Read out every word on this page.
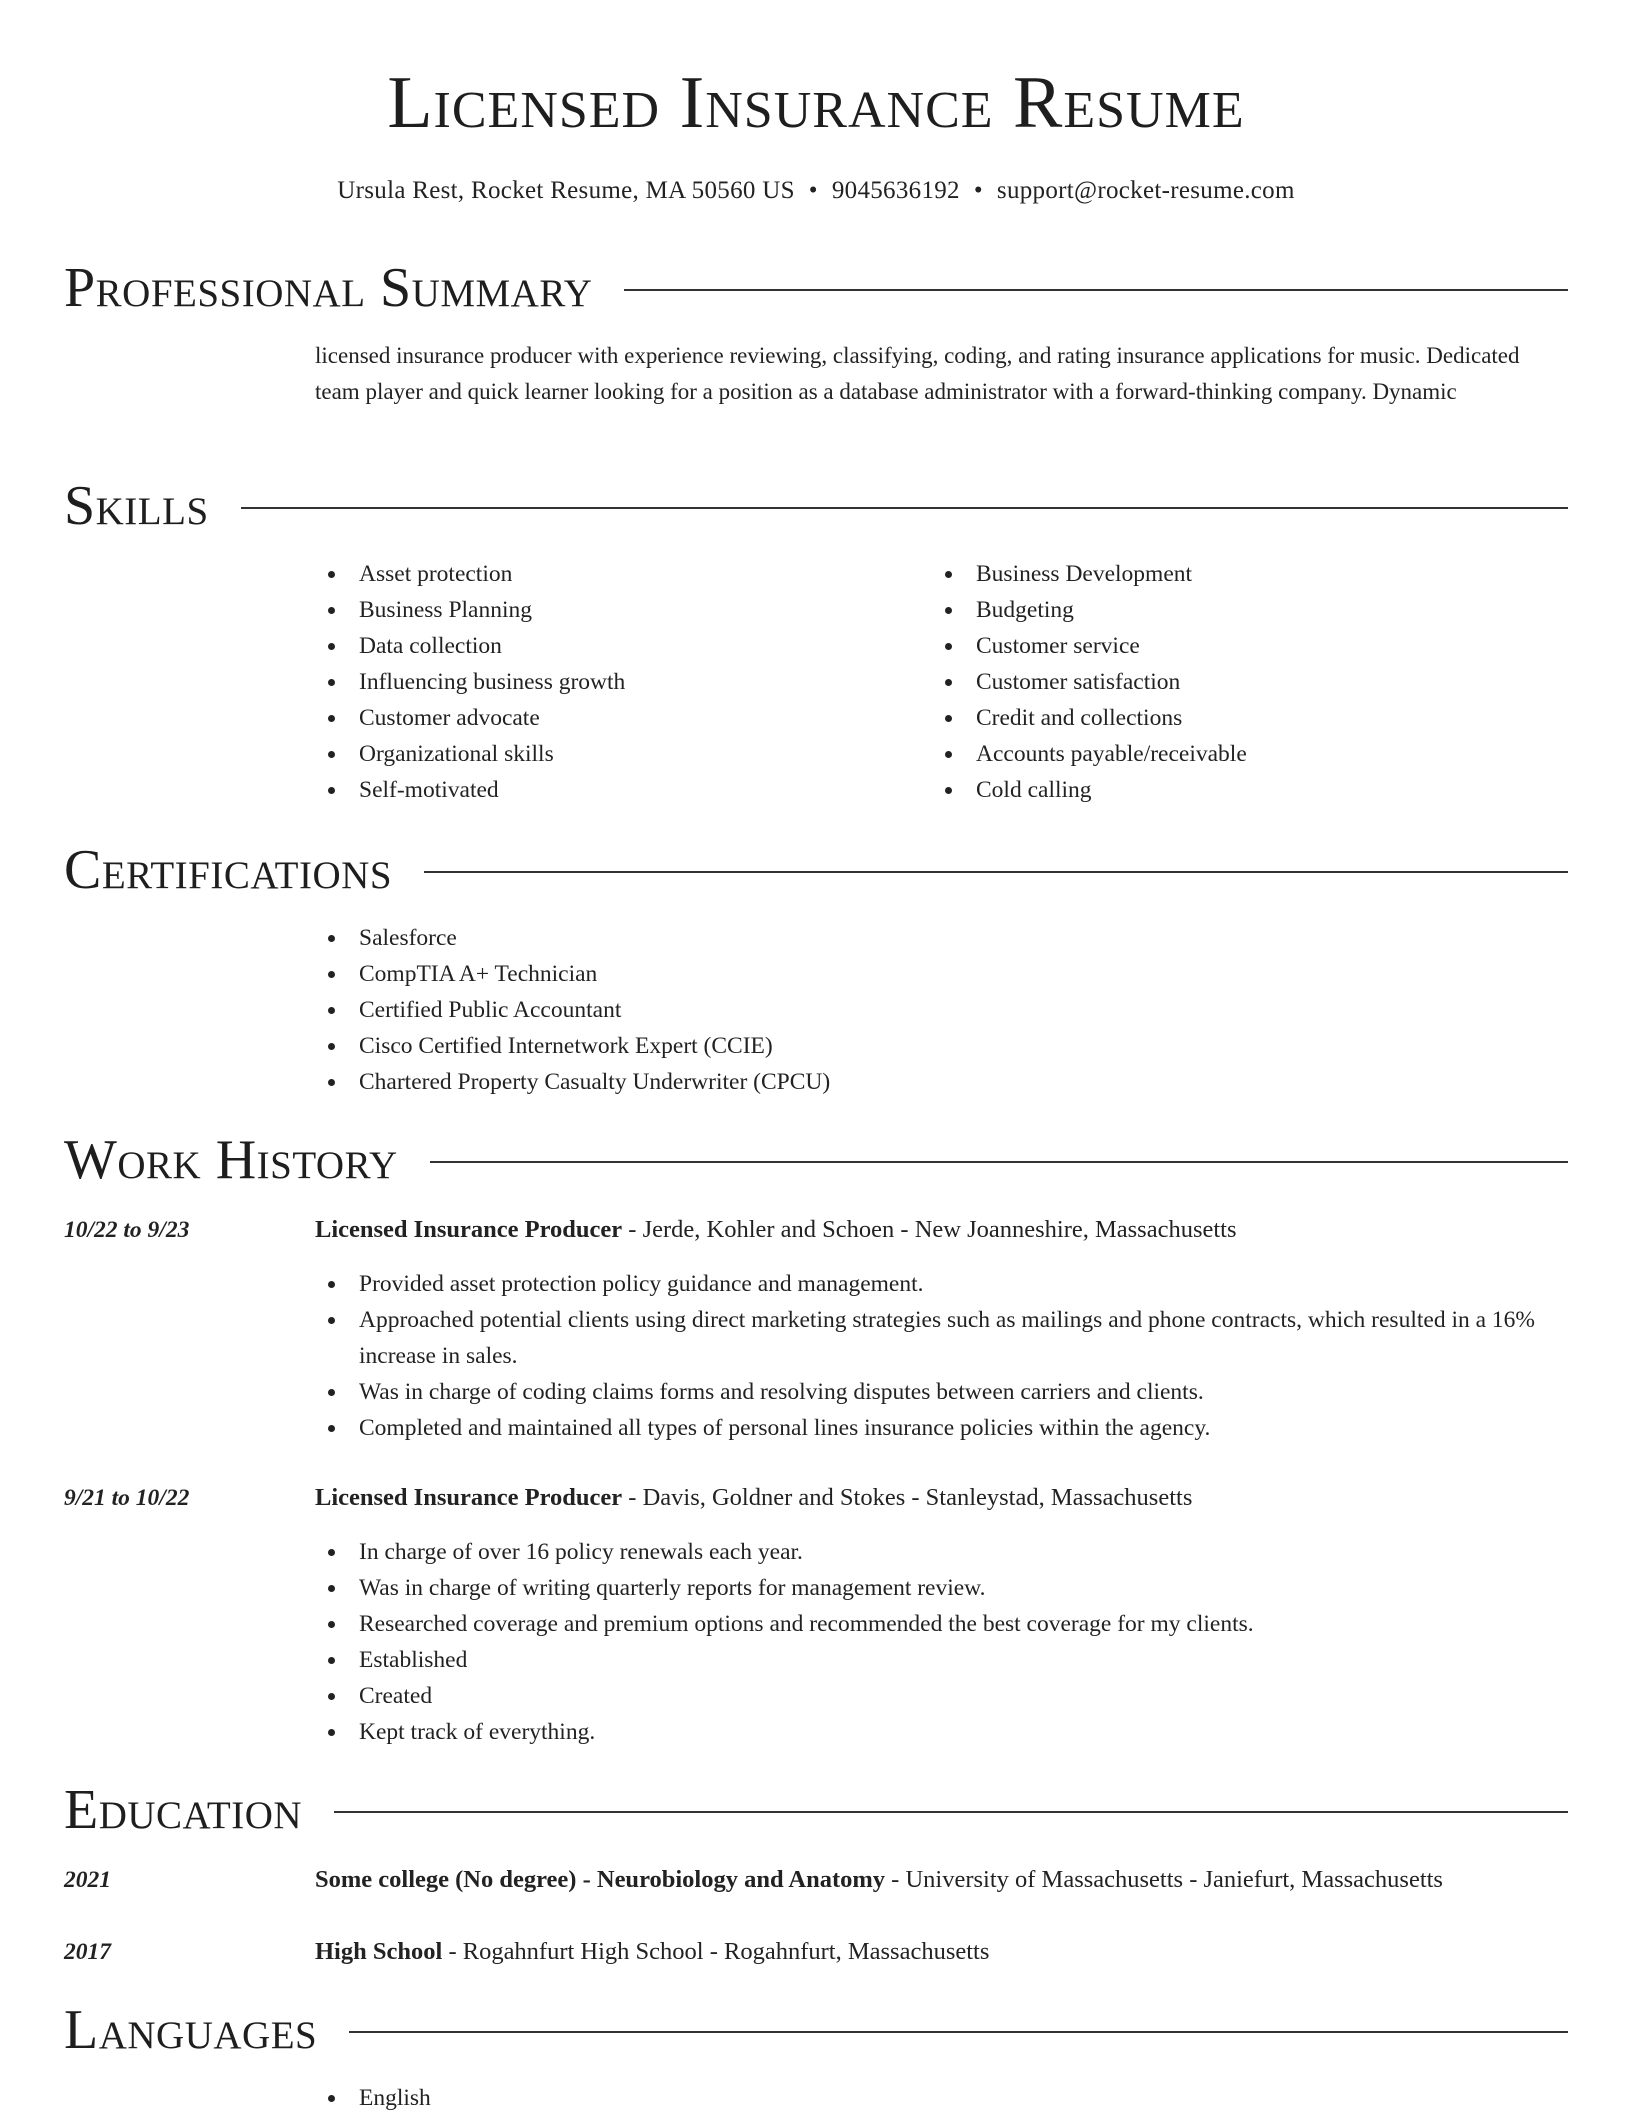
Licensed Insurance Resume
Ursula Rest, Rocket Resume, MA 50560 US • 9045636192 • support@rocket-resume.com
Professional Summary
licensed insurance producer with experience reviewing, classifying, coding, and rating insurance applications for music. Dedicated team player and quick learner looking for a position as a database administrator with a forward-thinking company. Dynamic
Skills
Asset protection
Business Planning
Data collection
Influencing business growth
Customer advocate
Organizational skills
Self-motivated
Business Development
Budgeting
Customer service
Customer satisfaction
Credit and collections
Accounts payable/receivable
Cold calling
Certifications
Salesforce
CompTIA A+ Technician
Certified Public Accountant
Cisco Certified Internetwork Expert (CCIE)
Chartered Property Casualty Underwriter (CPCU)
Work History
10/22 to 9/23	Licensed Insurance Producer - Jerde, Kohler and Schoen - New Joanneshire, Massachusetts
Provided asset protection policy guidance and management.
Approached potential clients using direct marketing strategies such as mailings and phone contracts, which resulted in a 16% increase in sales.
Was in charge of coding claims forms and resolving disputes between carriers and clients.
Completed and maintained all types of personal lines insurance policies within the agency.
9/21 to 10/22	Licensed Insurance Producer - Davis, Goldner and Stokes - Stanleystad, Massachusetts
In charge of over 16 policy renewals each year.
Was in charge of writing quarterly reports for management review.
Researched coverage and premium options and recommended the best coverage for my clients.
Established
Created
Kept track of everything.
Education
2021	Some college (No degree) - Neurobiology and Anatomy - University of Massachusetts - Janiefurt, Massachusetts
2017	High School - Rogahnfurt High School - Rogahnfurt, Massachusetts
Languages
English
